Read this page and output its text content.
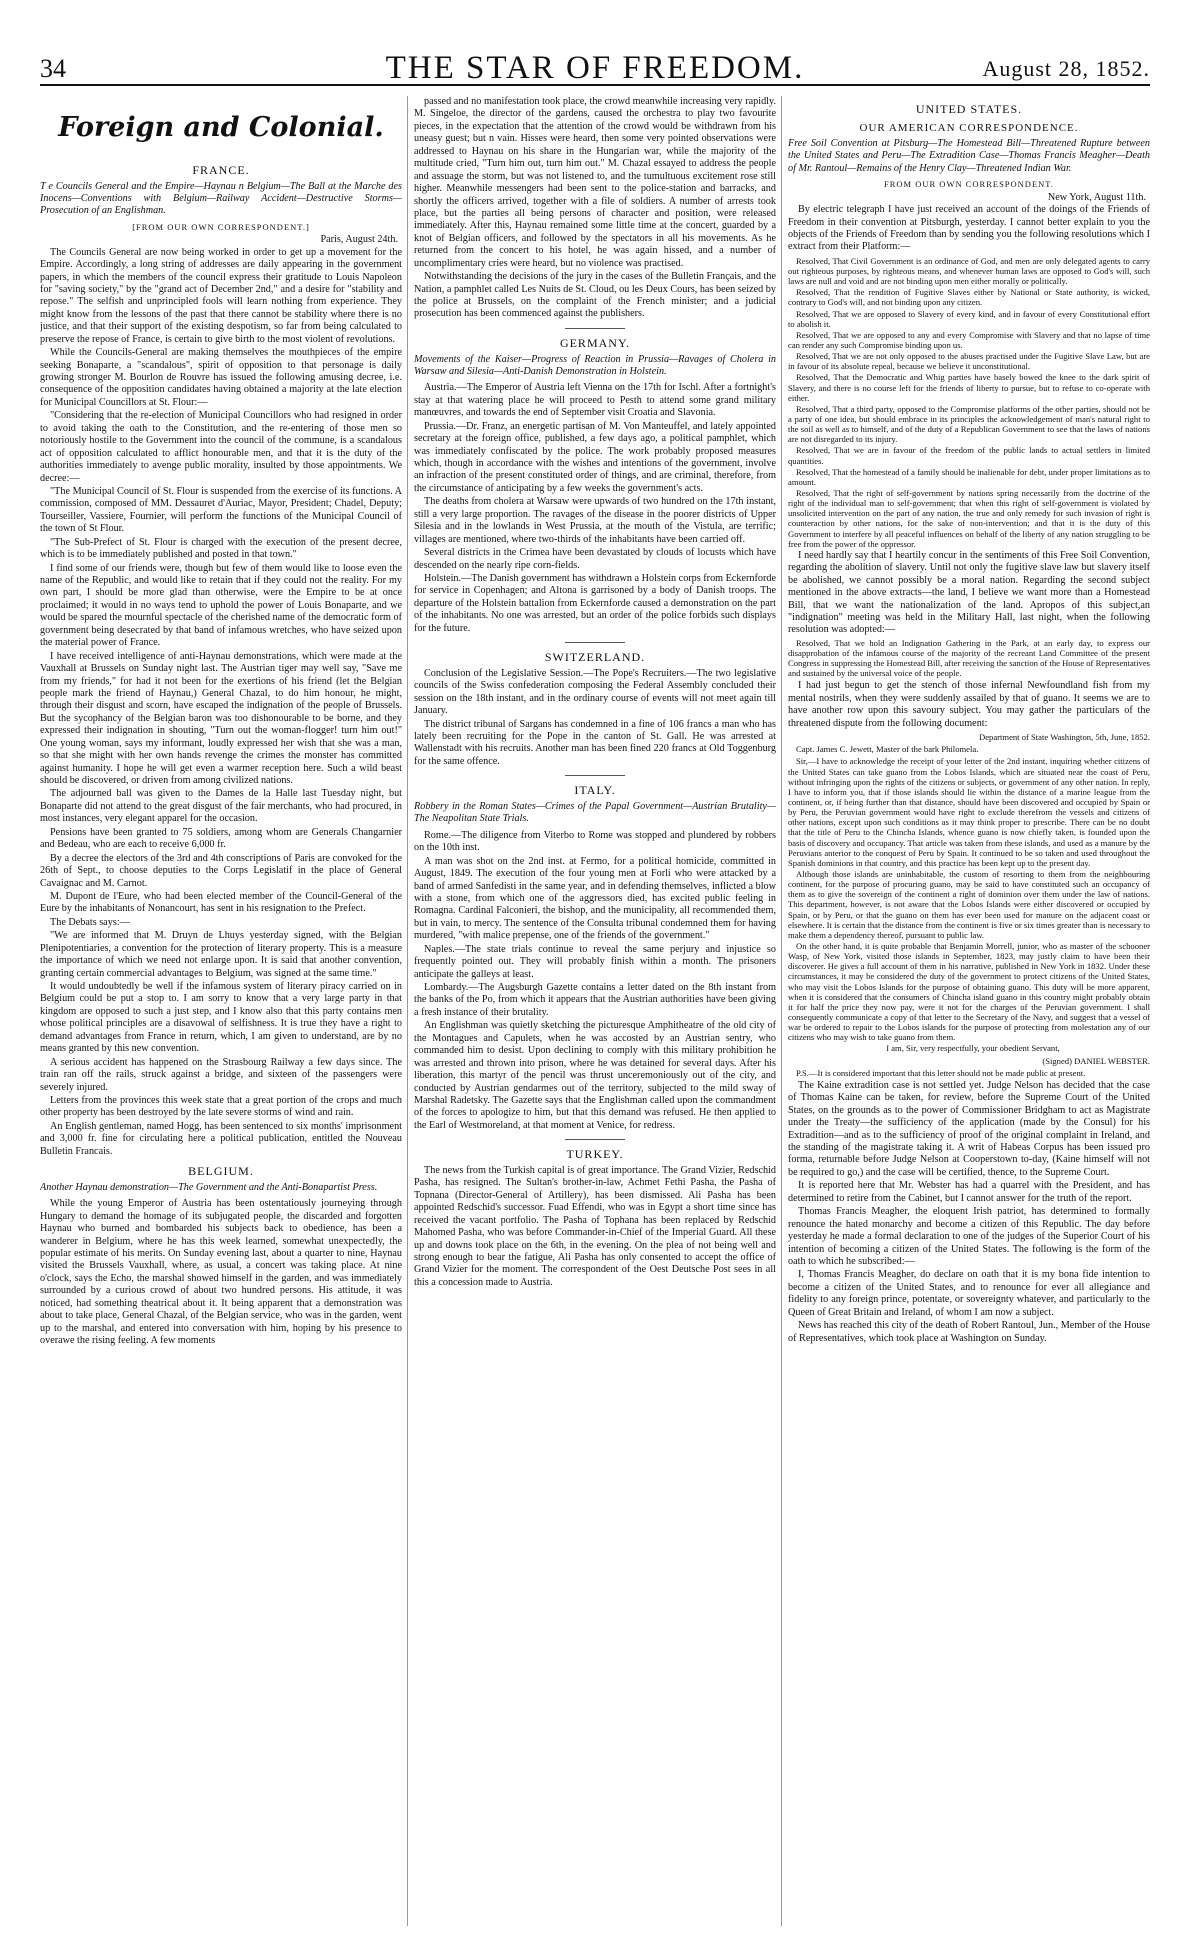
34	THE STAR OF FREEDOM.	August 28, 1852.
Foreign and Colonial.
FRANCE.
T e Councils General and the Empire—Haynau n Belgium—The Ball at the Marche des Inocens—Conventions with Belgium—Railway Accident—Destructive Storms—Prosecution of an Englishman.
[FROM OUR OWN CORRESPONDENT.]
Paris, August 24th.

The Councils General are now being worked in order to get up a movement for the Empire. Accordingly, a long string of addresses are daily appearing in the government papers, in which the members of the council express their gratitude to Louis Napoleon for "saving society," by the "grand act of December 2nd," and a desire for "stability and repose." The selfish and unprincipled fools will learn nothing from experience. They might know from the lessons of the past that there cannot be stability where there is no justice, and that their support of the existing despotism, so far from being calculated to preserve the repose of France, is certain to give birth to the most violent of revolutions.

While the Councils-General are making themselves the mouthpieces of the empire seeking Bonaparte, a "scandalous", spirit of opposition to that personage is daily growing stronger M. Bourlon de Rouvre has issued the following amusing decree, i.e. consequence of the opposition candidates having obtained a majority at the late election for Municipal Councillors at St. Flour:—

"Considering that the re-election of Municipal Councillors who had resigned in order to avoid taking the oath to the Constitution, and the re-entering of those men so notoriously hostile to the Government into the council of the commune, is a scandalous act of opposition calculated to afflict honourable men, and that it is the duty of the authorities immediately to avenge public morality, insulted by those appointments. We decree:—

"The Municipal Council of St. Flour is suspended from the exercise of its functions. A commission, composed of MM. Dessauret d'Auriac, Mayor, President; Chadel, Deputy; Tourseiller, Vassiere, Fournier, will perform the functions of the Municipal Council of the town of St Flour.

"The Sub-Prefect of St. Flour is charged with the execution of the present decree, which is to be immediately published and posted in that town."

I find some of our friends were, though but few of them would like to loose even the name of the Republic, and would like to retain that if they could not the reality. For my own part, I should be more glad than otherwise, were the Empire to be at once proclaimed; it would in no ways tend to uphold the power of Louis Bonaparte, and we would be spared the mournful spectacle of the cherished name of the democratic form of government being desecrated by that band of infamous wretches, who have seized upon the material power of France.

I have received intelligence of anti-Haynau demonstrations, which were made at the Vauxhall at Brussels on Sunday night last. The Austrian tiger may well say, "Save me from my friends," for had it not been for the exertions of his friend (let the Belgian people mark the friend of Haynau,) General Chazal, to do him honour, he might, through their disgust and scorn, have escaped the indignation of the people of Brussels. But the sycophancy of the Belgian baron was too dishonourable to be borne, and they expressed their indignation in shouting, "Turn out the woman-flogger! turn him out!" One young woman, says my informant, loudly expressed her wish that she was a man, so that she might with her own hands revenge the crimes the monster has committed against humanity. I hope he will get even a warmer reception here. Such a wild beast should be discovered, or driven from among civilized nations.

The adjourned ball was given to the Dames de la Halle last Tuesday night, but Bonaparte did not attend to the great disgust of the fair merchants, who had procured, in most instances, very elegant apparel for the occasion.

Pensions have been granted to 75 soldiers, among whom are Generals Changarnier and Bedeau, who are each to receive 6,000 fr.

By a decree the electors of the 3rd and 4th conscriptions of Paris are convoked for the 26th of Sept., to choose deputies to the Corps Legislatif in the place of General Cavaignac and M. Carnot.

M. Dupont de l'Eure, who had been elected member of the Council-General of the Eure by the inhabitants of Nonancourt, has sent in his resignation to the Prefect.

The Debats says:—

"We are informed that M. Druyn de Lhuys yesterday signed, with the Belgian Plenipotentiaries, a convention for the protection of literary property. This is a measure the importance of which we need not enlarge upon. It is said that another convention, granting certain commercial advantages to Belgium, was signed at the same time."

It would undoubtedly be well if the infamous system of literary piracy carried on in Belgium could be put a stop to. I am sorry to know that a very large party in that kingdom are opposed to such a just step, and I know also that this party contains men whose political principles are a disavowal of selfishness. It is true they have a right to demand advantages from France in return, which, I am given to understand, are by no means granted by this new convention.

A serious accident has happened on the Strasbourg Railway a few days since. The train ran off the rails, struck against a bridge, and sixteen of the passengers were severely injured.

Letters from the provinces this week state that a great portion of the crops and much other property has been destroyed by the late severe storms of wind and rain.

An English gentleman, named Hogg, has been sentenced to six months' imprisonment and 3,000 fr. fine for circulating here a political publication, entitled the Nouveau Bulletin Francais.

BELGIUM.
Another Haynau demonstration—The Government and the Anti-Bonapartist Press.

While the young Emperor of Austria has been ostentatiously journeying through Hungary to demand the homage of its subjugated people, the discarded and forgotten Haynau who burned and bombarded his subjects back to obedience, has been a wanderer in Belgium, where he has this week learned, somewhat unexpectedly, the popular estimate of his merits. On Sunday evening last, about a quarter to nine, Haynau visited the Brussels Vauxhall, where, as usual, a concert was taking place. At nine o'clock, says the Echo, the marshal showed himself in the garden, and was immediately surrounded by a curious crowd of about two hundred persons. His attitude, it was noticed, had something theatrical about it. It being apparent that a demonstration was about to take place, General Chazal, of the Belgian service, who was in the garden, went up to the marshal, and entered into conversation with him, hoping by his presence to overawe the rising feeling. A few moments

passed and no manifestation took place, the crowd meanwhile increasing very rapidly. M. Singeloe, the director of the gardens, caused the orchestra to play two favourite pieces, in the expectation that the attention of the crowd would be withdrawn from his uneasy guest; but n vain. Hisses were heard, then some very pointed observations were addressed to Haynau on his share in the Hungarian war, while the majority of the multitude cried, "Turn him out, turn him out." M. Chazal essayed to address the people and assuage the storm, but was not listened to, and the tumultuous excitement rose still higher. Meanwhile messengers had been sent to the police-station and barracks, and shortly the officers arrived, together with a file of soldiers. A number of arrests took place, but the parties all being persons of character and position, were released immediately. After this, Haynau remained some little time at the concert, guarded by a knot of Belgian officers, and followed by the spectators in all his movements. As he returned from the concert to his hotel, he was again hissed, and a number of uncomplimentary cries were heard, but no violence was practised.

Notwithstanding the decisions of the jury in the cases of the Bulletin Français, and the Nation, a pamphlet called Les Nuits de St. Cloud, ou les Deux Cours, has been seized by the police at Brussels, on the complaint of the French minister; and a judicial prosecution has been commenced against the publishers.

GERMANY.
Movements of the Kaiser—Progress of Reaction in Prussia—Ravages of Cholera in Warsaw and Silesia—Anti-Danish Demonstration in Holstein.

Austria.—The Emperor of Austria left Vienna on the 17th for Ischl. After a fortnight's stay at that watering place he will proceed to Pesth to attend some grand military manœuvres, and towards the end of September visit Croatia and Slavonia.

Prussia.—Dr. Franz, an energetic partisan of M. Von Manteuffel, and lately appointed secretary at the foreign office, published, a few days ago, a political pamphlet, which was immediately confiscated by the police. The work probably proposed measures which, though in accordance with the wishes and intentions of the government, involve an infraction of the present constituted order of things, and are criminal, therefore, from the circumstance of anticipating by a few weeks the government's acts.

The deaths from cholera at Warsaw were upwards of two hundred on the 17th instant, still a very large proportion. The ravages of the disease in the poorer districts of Upper Silesia and in the lowlands in West Prussia, at the mouth of the Vistula, are terrific; villages are mentioned, where two-thirds of the inhabitants have been carried off.

Several districts in the Crimea have been devastated by clouds of locusts which have descended on the nearly ripe corn-fields.

Holstein.—The Danish government has withdrawn a Holstein corps from Eckernforde for service in Copenhagen; and Altona is garrisoned by a body of Danish troops. The departure of the Holstein battalion from Eckernforde caused a demonstration on the part of the inhabitants. No one was arrested, but an order of the police forbids such displays for the future.

SWITZERLAND.

Conclusion of the Legislative Session.—The Pope's Recruiters.—The two legislative councils of the Swiss confederation composing the Federal Assembly concluded their session on the 18th instant, and in the ordinary course of events will not meet again till January.

The district tribunal of Sargans has condemned in a fine of 106 francs a man who has lately been recruiting for the Pope in the canton of St. Gall. He was arrested at Wallenstadt with his recruits. Another man has been fined 220 francs at Old Toggenburg for the same offence.

ITALY.
Robbery in the Roman States—Crimes of the Papal Government—Austrian Brutality—The Neapolitan State Trials.

Rome.—The diligence from Viterbo to Rome was stopped and plundered by robbers on the 10th inst.

A man was shot on the 2nd inst. at Fermo, for a political homicide, committed in August, 1849. The execution of the four young men at Forli who were attacked by a band of armed Sanfedisti in the same year, and in defending themselves, inflicted a blow with a stone, from which one of the aggressors died, has excited public feeling in Romagna. Cardinal Falconieri, the bishop, and the municipality, all recommended them, but in vain, to mercy. The sentence of the Consulta tribunal condemned them for having murdered, "with malice prepense, one of the friends of the government."

Naples.—The state trials continue to reveal the same perjury and injustice so frequently pointed out. They will probably finish within a month. The prisoners anticipate the galleys at least.

Lombardy.—The Augsburgh Gazette contains a letter dated on the 8th instant from the banks of the Po, from which it appears that the Austrian authorities have been giving a fresh instance of their brutality.

An Englishman was quietly sketching the picturesque Amphitheatre of the old city of the Montagues and Capulets, when he was accosted by an Austrian sentry, who commanded him to desist. Upon declining to comply with this military prohibition he was arrested and thrown into prison, where he was detained for several days. After his liberation, this martyr of the pencil was thrust unceremoniously out of the city, and conducted by Austrian gendarmes out of the territory, subjected to the mild sway of Marshal Radetsky. The Gazette says that the Englishman called upon the commandment of the forces to apologize to him, but that this demand was refused. He then applied to the Earl of Westmoreland, at that moment at Venice, for redress.

TURKEY.

The news from the Turkish capital is of great importance. The Grand Vizier, Redschid Pasha, has resigned. The Sultan's brother-in-law, Achmet Fethi Pasha, the Pasha of Topnana (Director-General of Artillery), has been dismissed. Ali Pasha has been appointed Redschid's successor. Fuad Effendi, who was in Egypt a short time since has received the vacant portfolio. The Pasha of Tophana has been replaced by Redschid Mahomed Pasha, who was before Commander-in-Chief of the Imperial Guard. All these up and downs took place on the 6th, in the evening. On the plea of not being well and strong enough to bear the fatigue, Ali Pasha has only consented to accept the office of Grand Vizier for the moment. The correspondent of the Oest Deutsche Post sees in all this a concession made to Austria.

UNITED STATES.
OUR AMERICAN CORRESPONDENCE.
Free Soil Convention at Pitsburg—The Homestead Bill—Threatened Rupture between the United States and Peru—The Extradition Case—Thomas Francis Meagher—Death of Mr. Rantoul—Remains of the Henry Clay—Threatened Indian War.
FROM OUR OWN CORRESPONDENT.
New York, August 11th.

By electric telegraph I have just received an account of the doings of the Friends of Freedom in their convention at Pitsburgh, yesterday. I cannot better explain to you the objects of the Friends of Freedom than by sending you the following resolutions which I extract from their Platform:—

Resolved, That Civil Government is an ordinance of God, and men are only delegated agents to carry out righteous purposes, by righteous means, and whenever human laws are opposed to God's will, such laws are null and void and are not binding upon men either morally or politically.

Resolved, That the rendition of Fugitive Slaves either by National or State authority, is wicked, contrary to God's will, and not binding upon any citizen.

Resolved, That we are opposed to Slavery of every kind, and in favour of every Constitutional effort to abolish it.

Resolved, That we are opposed to any and every Compromise with Slavery and that no lapse of time can render any such Compromise binding upon us.

Resolved, That we are not only opposed to the abuses practised under the Fugitive Slave Law, but are in favour of its absolute repeal, because we believe it unconstitutional.

Resolved, That the Democratic and Whig parties have basely bowed the knee to the dark spirit of Slavery, and there is no course left for the friends of liberty to pursue, but to refuse to co-operate with either.

Resolved, That a third party, opposed to the Compromise platforms of the other parties, should not be a party of one idea, but should embrace in its principles the acknowledgement of man's natural right to the soil as well as to himself, and of the duty of a Republican Government to see that the laws of nations are not disregarded to its injury.

Resolved, That we are in favour of the freedom of the public lands to actual settlers in limited quantities.

Resolved, That the homestead of a family should be inalienable for debt, under proper limitations as to amount.

Resolved, That the right of self-government by nations spring necessarily from the doctrine of the right of the individual man to self-government; that when this right of self-government is violated by unsolicited intervention on the part of any nation, the true and only remedy for such invasion of right is counteraction by other nations, for the sake of non-intervention; and that it is the duty of this Government to interfere by all peaceful influences on behalf of the liberty of any nation struggling to be free from the power of the oppressor.

I need hardly say that I heartily concur in the sentiments of this Free Soil Convention, regarding the abolition of slavery. Until not only the fugitive slave law but slavery itself be abolished, we cannot possibly be a moral nation. Regarding the second subject mentioned in the above extracts—the land, I believe we want more than a Homestead Bill, that we want the nationalization of the land. Apropos of this subject,an "indignation" meeting was held in the Military Hall, last night, when the following resolution was adopted:—

Resolved, That we hold an Indignation Gathering in the Park, at an early day, to express our disapprobation of the infamous course of the majority of the recreant Land Committee of the present Congress in suppressing the Homestead Bill, after receiving the sanction of the House of Representatives and sustained by the universal voice of the people.

I had just begun to get the stench of those infernal Newfoundland fish from my mental nostrils, when they were suddenly assailed by that of guano. It seems we are to have another row upon this savoury subject. You may gather the particulars of the threatened dispute from the following document:

Department of State Washington, 5th, June, 1852.
Capt. James C. Jewett, Master of the bark Philomela.

Sir,—I have to acknowledge the receipt of your letter of the 2nd instant, inquiring whether citizens of the United States can take guano from the Lobos Islands, which are situated near the coast of Peru, without infringing upon the rights of the citizens or subjects, or government of any other nation. In reply, I have to inform you, that if those islands should lie within the distance of a marine league from the continent, or, if being further than that distance, should have been discovered and occupied by Spain or by Peru, the Peruvian government would have right to exclude therefrom the vessels and citizens of other nations, except upon such conditions as it may think proper to prescribe. There can be no doubt that the title of Peru to the Chincha Islands, whence guano is now chiefly taken, is founded upon the basis of discovery and occupancy. That article was taken from these islands, and used as a manure by the Peruvians anterior to the conquest of Peru by Spain. It continued to be so taken and used throughout the Spanish dominions in that country, and this practice has been kept up to the present day.

Although those islands are uninhabitable, the custom of resorting to them from the neighbouring continent, for the purpose of procuring guano, may be said to have constituted such an occupancy of them as to give the sovereign of the continent a right of dominion over them under the law of nations. This department, however, is not aware that the Lobos Islands were either discovered or occupied by Spain, or by Peru, or that the guano on them has ever been used for manure on the adjacent coast or elsewhere. It is certain that the distance from the continent is five or six times greater than is necessary to make them a dependency thereof, pursuant to public law.

On the other hand, it is quite probable that Benjamin Morrell, junior, who as master of the schooner Wasp, of New York, visited those islands in September, 1823, may justly claim to have been their discoverer. He gives a full account of them in his narrative, published in New York in 1832. Under these circumstances, it may be considered the duty of the government to protect citizens of the United States, who may visit the Lobos Islands for the purpose of obtaining guano. This duty will be more apparent, when it is considered that the consumers of Chincha island guano in this country might probably obtain it for half the price they now pay, were it not for the charges of the Peruvian government. I shall consequently communicate a copy of that letter to the Secretary of the Navy, and suggest that a vessel of war be ordered to repair to the Lobos islands for the purpose of protecting from molestation any of our citizens who may wish to take guano from them.

I am, Sir, very respectfully, your obedient Servant,
(Signed) DANIEL WEBSTER.
P.S.—It is considered important that this letter should not be made public at present.

The Kaine extradition case is not settled yet. Judge Nelson has decided that the case of Thomas Kaine can be taken, for review, before the Supreme Court of the United States, on the grounds as to the power of Commissioner Bridgham to act as Magistrate under the Treaty—the sufficiency of the application (made by the Consul) for his Extradition—and as to the sufficiency of proof of the original complaint in Ireland, and the standing of the magistrate taking it. A writ of Habeas Corpus has been issued pro forma, returnable before Judge Nelson at Cooperstown to-day, (Kaine himself will not be required to go,) and the case will be certified, thence, to the Supreme Court.

It is reported here that Mr. Webster has had a quarrel with the President, and has determined to retire from the Cabinet, but I cannot answer for the truth of the report.

Thomas Francis Meagher, the eloquent Irish patriot, has determined to formally renounce the hated monarchy and become a citizen of this Republic. The day before yesterday he made a formal declaration to one of the judges of the Superior Court of his intention of becoming a citizen of the United States. The following is the form of the oath to which he subscribed:—

I, Thomas Francis Meagher, do declare on oath that it is my bona fide intention to become a citizen of the United States, and to renounce for ever all allegiance and fidelity to any foreign prince, potentate, or sovereignty whatever, and particularly to the Queen of Great Britain and Ireland, of whom I am now a subject.

News has reached this city of the death of Robert Rantoul, Jun., Member of the House of Representatives, which took place at Washington on Sunday.
